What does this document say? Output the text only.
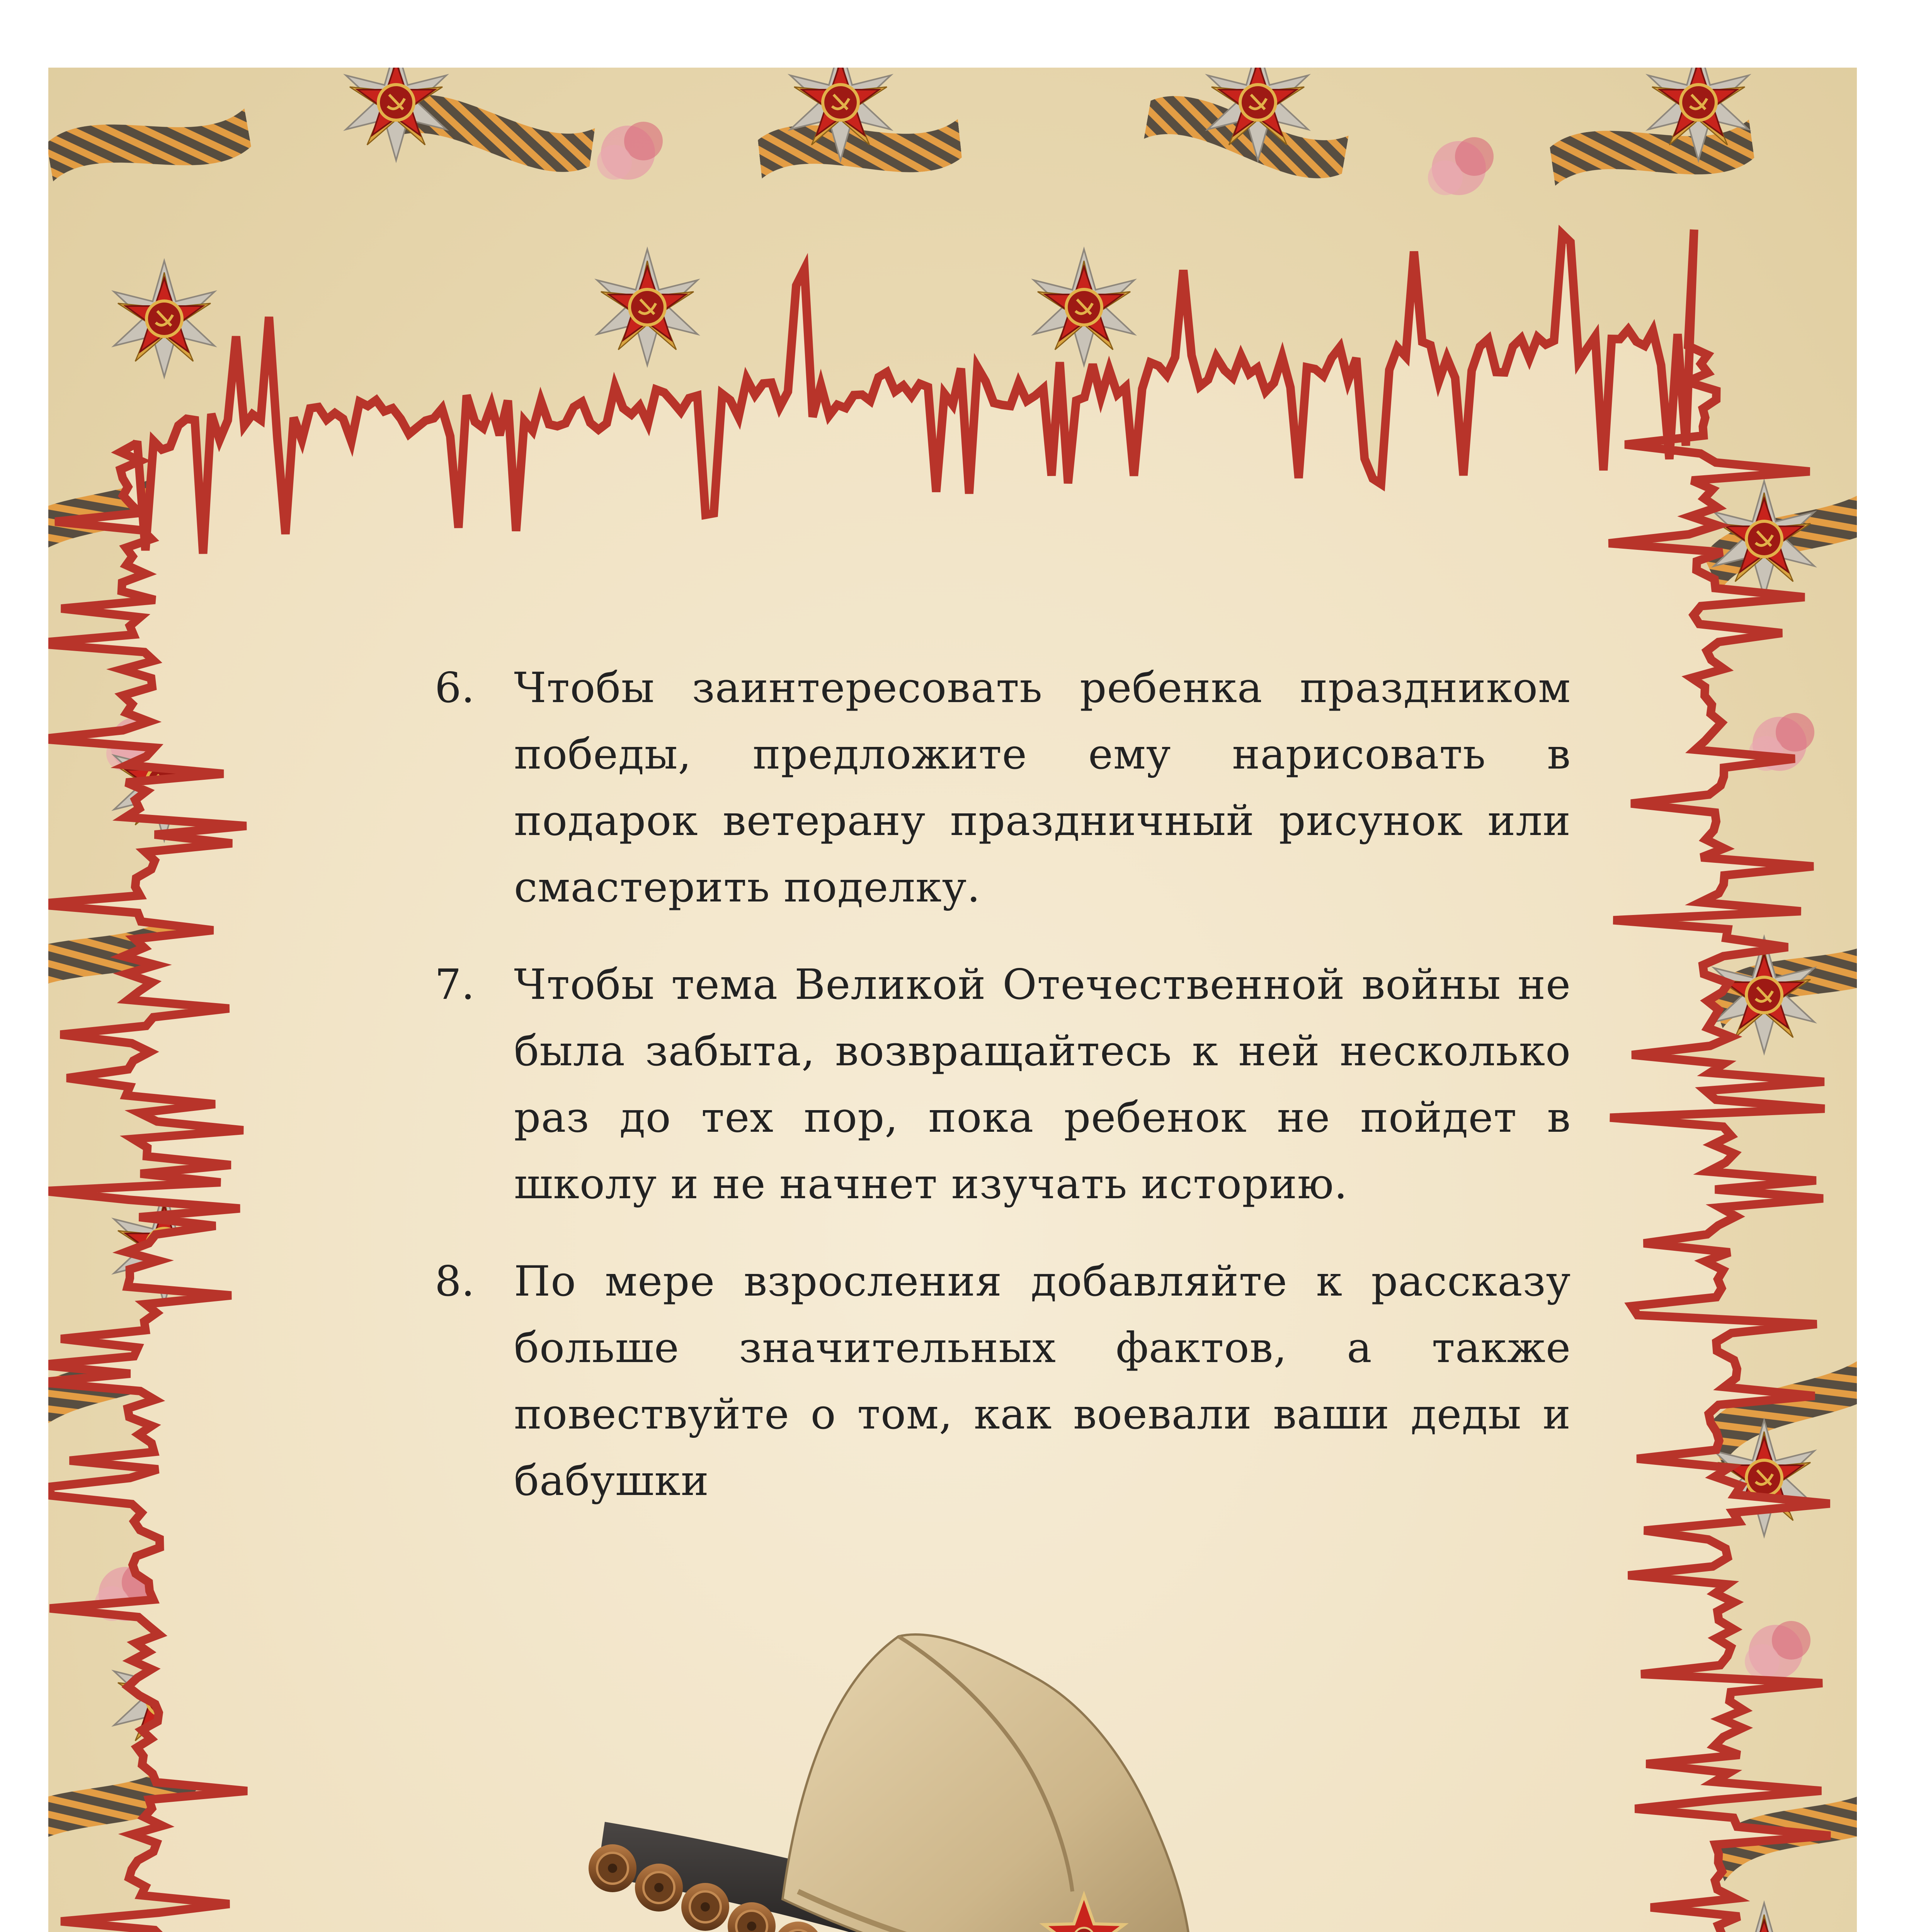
6. Чтобы заинтересовать ребенка праздником победы, предложите ему нарисовать в подарок ветерану праздничный рисунок или смастерить поделку.
7. Чтобы тема Великой Отечественной войны не была забыта, возвращайтесь к ней несколько раз до тех пор, пока ребенок не пойдет в школу и не начнет изучать историю.
8. По мере взросления добавляйте к рассказу больше значительных фактов, а также повествуйте о том, как воевали ваши деды и бабушки
